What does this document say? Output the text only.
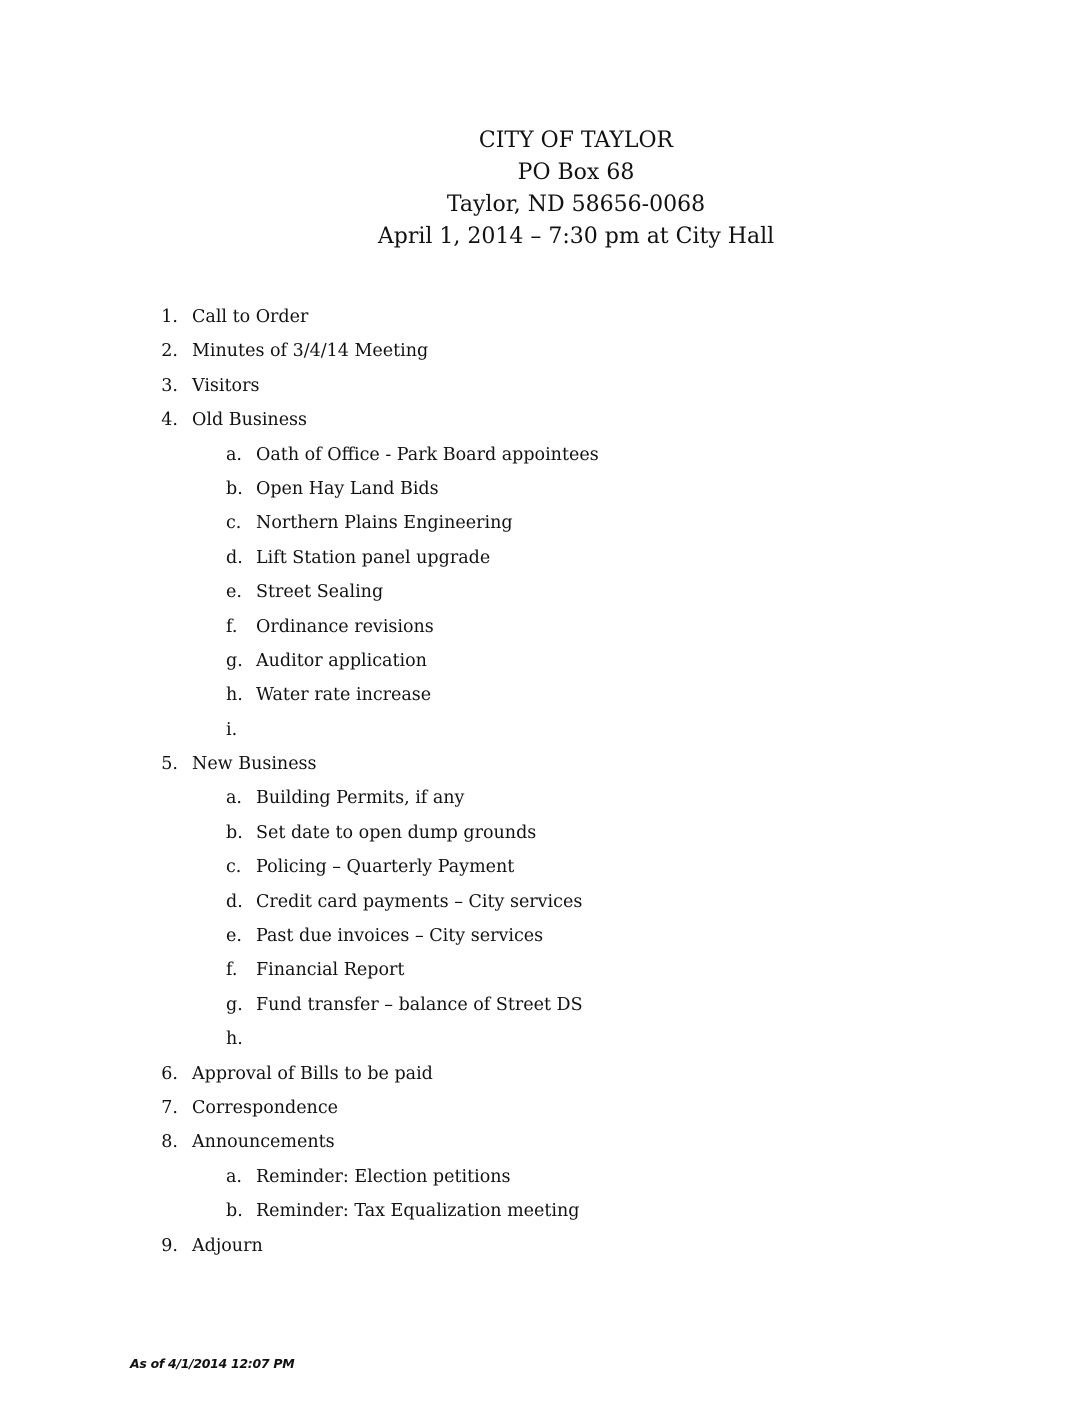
CITY OF TAYLOR
PO Box 68
Taylor, ND 58656-0068
April 1, 2014 – 7:30 pm at City Hall
1. Call to Order
2. Minutes of 3/4/14 Meeting
3. Visitors
4. Old Business
a. Oath of Office - Park Board appointees
b. Open Hay Land Bids
c. Northern Plains Engineering
d. Lift Station panel upgrade
e. Street Sealing
f.	Ordinance revisions
g. Auditor application
h. Water rate increase
i.
5. New Business
a. Building Permits, if any
b. Set date to open dump grounds
c. Policing – Quarterly Payment
d. Credit card payments – City services
e. Past due invoices – City services
f.	Financial Report
g. Fund transfer – balance of Street DS
h.
6. Approval of Bills to be paid
7. Correspondence
8. Announcements
a. Reminder: Election petitions
b. Reminder: Tax Equalization meeting
9. Adjourn
As of 4/1/2014 12:07 PM
